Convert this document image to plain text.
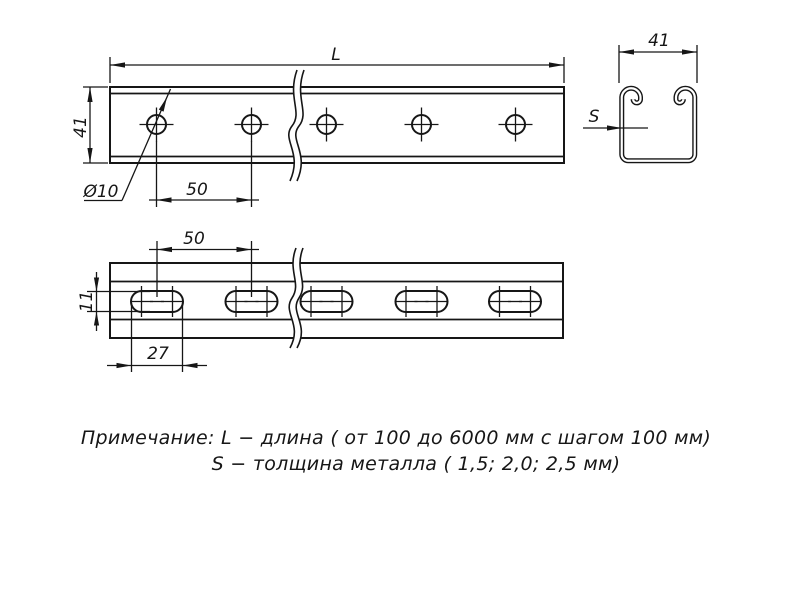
L
41
Ø10	50
41
S
50
11
27
Примечание: L − длина ( от 100 до 6000 мм с шагом 100 мм)
S − толщина металла ( 1,5; 2,0; 2,5 мм)
